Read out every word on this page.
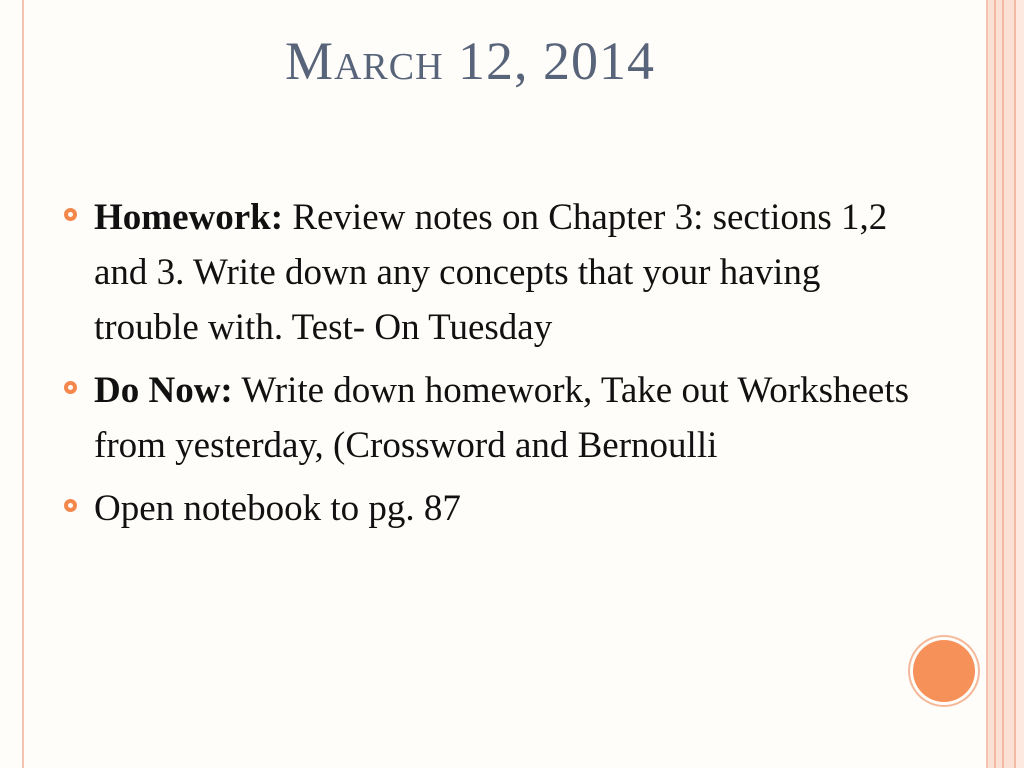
March 12, 2014
Homework: Review notes on Chapter 3: sections 1,2 and 3. Write down any concepts that your having trouble with. Test- On Tuesday
Do Now: Write down homework, Take out Worksheets from yesterday, (Crossword and Bernoulli
Open notebook to pg. 87
